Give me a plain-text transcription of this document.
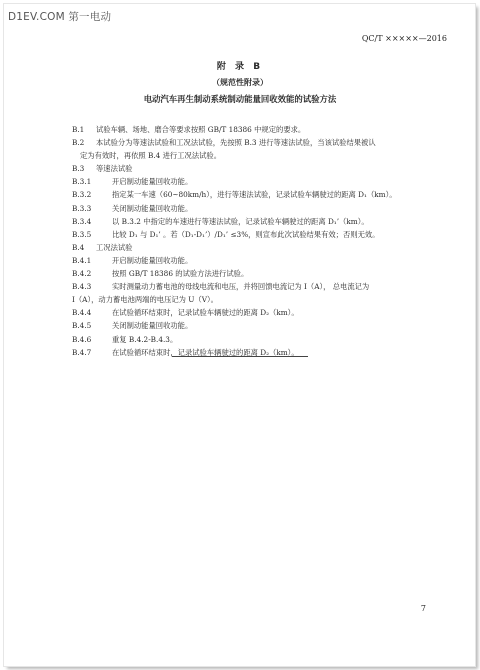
D1EV.COM 第一电动
QC/T ×××××—2016
附 录 B
（规范性附录）
电动汽车再生制动系统制动能量回收效能的试验方法
B.1 试验车辆、场地、磨合等要求按照 GB/T 18386 中规定的要求。
B.2 本试验分为等速法试验和工况法试验，先按照 B.3 进行等速法试验，当该试验结果被认
定为有效时，再依照 B.4 进行工况法试验。
B.3 等速法试验
B.3.1	开启制动能量回收功能。
B.3.2	指定某一车速（60~80km/h），进行等速法试验，记录试验车辆驶过的距离 D₁（km）。
B.3.3	关闭制动能量回收功能。
B.3.4	以 B.3.2 中指定的车速进行等速法试验，记录试验车辆驶过的距离 D₁’（km）。
B.3.5	比较 D₁ 与 D₁’ 。若（D₁-D₁’）/D₁’ ≤3%，则宣布此次试验结果有效；否则无效。
B.4 工况法试验
B.4.1	开启制动能量回收功能。
B.4.2	按照 GB/T 18386 的试验方法进行试验。
B.4.3	实时测量动力蓄电池的母线电流和电压，并将回馈电流记为 I（A）， 总电流记为
I（A），动力蓄电池两端的电压记为 U（V）。
B.4.4	在试验循环结束时，记录试验车辆驶过的距离 D₂（km）。
B.4.5	关闭制动能量回收功能。
B.4.6	重复 B.4.2-B.4.3。
B.4.7	在试验循环结束时，记录试验车辆驶过的距离 D₂（km）。
7
